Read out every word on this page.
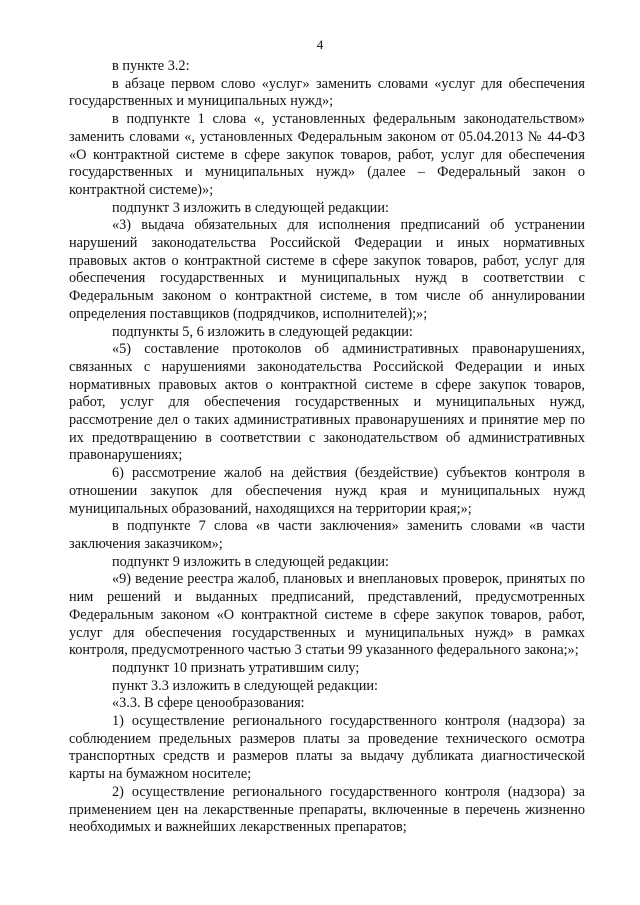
4

в пункте 3.2:

в абзаце первом слово «услуг» заменить словами «услуг для обеспечения государственных и муниципальных нужд»;

в подпункте 1 слова «, установленных федеральным законодательством» заменить словами «, установленных Федеральным законом от 05.04.2013 № 44-ФЗ «О контрактной системе в сфере закупок товаров, работ, услуг для обеспечения государственных и муниципальных нужд» (далее – Федеральный закон о контрактной системе)»;

подпункт 3 изложить в следующей редакции:

«3) выдача обязательных для исполнения предписаний об устранении нарушений законодательства Российской Федерации и иных нормативных правовых актов о контрактной системе в сфере закупок товаров, работ, услуг для обеспечения государственных и муниципальных нужд в соответствии с Федеральным законом о контрактной системе, в том числе об аннулировании определения поставщиков (подрядчиков, исполнителей);»;

подпункты 5, 6 изложить в следующей редакции:

«5) составление протоколов об административных правонарушениях, связанных с нарушениями законодательства Российской Федерации и иных нормативных правовых актов о контрактной системе в сфере закупок товаров, работ, услуг для обеспечения государственных и муниципальных нужд, рассмотрение дел о таких административных правонарушениях и принятие мер по их предотвращению в соответствии с законодательством об административных правонарушениях;

6) рассмотрение жалоб на действия (бездействие) субъектов контроля в отношении закупок для обеспечения нужд края и муниципальных нужд муниципальных образований, находящихся на территории края;»;

в подпункте 7 слова «в части заключения» заменить словами «в части заключения заказчиком»;

подпункт 9 изложить в следующей редакции:

«9) ведение реестра жалоб, плановых и внеплановых проверок, принятых по ним решений и выданных предписаний, представлений, предусмотренных Федеральным законом «О контрактной системе в сфере закупок товаров, работ, услуг для обеспечения государственных и муниципальных нужд» в рамках контроля, предусмотренного частью 3 статьи 99 указанного федерального закона;»;

подпункт 10 признать утратившим силу;

пункт 3.3 изложить в следующей редакции:

«3.3. В сфере ценообразования:

1) осуществление регионального государственного контроля (надзора) за соблюдением предельных размеров платы за проведение технического осмотра транспортных средств и размеров платы за выдачу дубликата диагностической карты на бумажном носителе;

2) осуществление регионального государственного контроля (надзора) за применением цен на лекарственные препараты, включенные в перечень жизненно необходимых и важнейших лекарственных препаратов;
